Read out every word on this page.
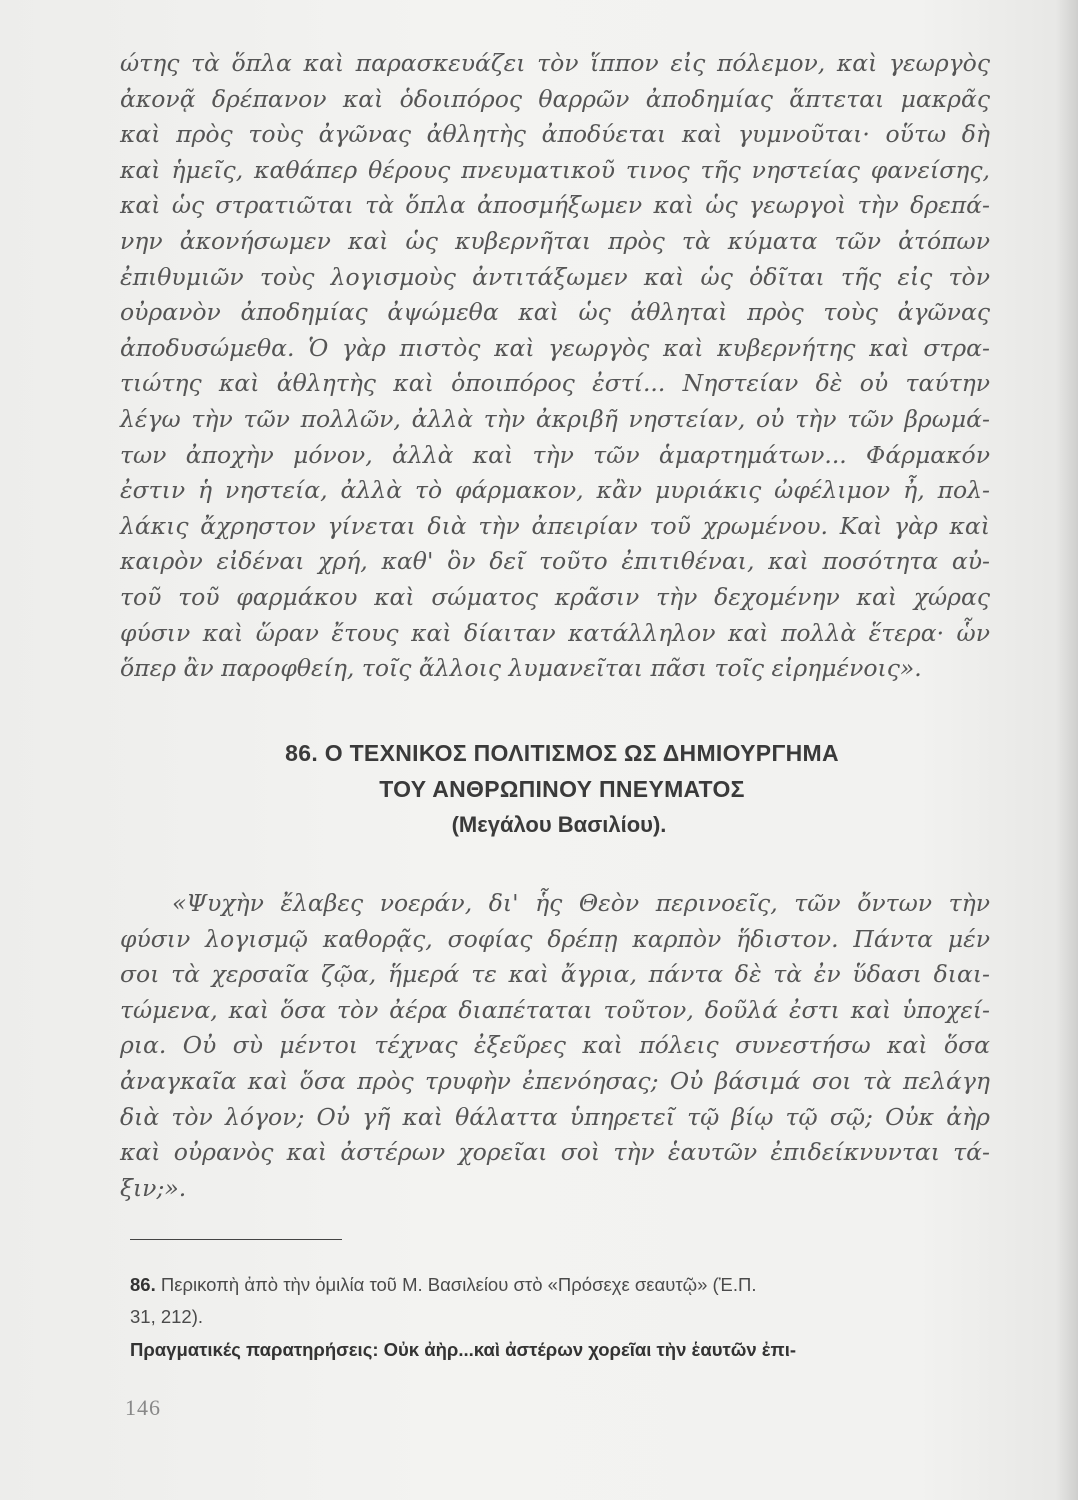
ώτης τὰ ὅπλα καὶ παρασκευάζει τὸν ἵππον εἰς πόλεμον, καὶ γεωργὸς
ἀκονᾷ δρέπανον καὶ ὁδοιπόρος θαρρῶν ἀποδημίας ἅπτεται μακρᾶς
καὶ πρὸς τοὺς ἀγῶνας ἀθλητὴς ἀποδύεται καὶ γυμνοῦται· οὕτω δὴ
καὶ ἡμεῖς, καθάπερ θέρους πνευματικοῦ τινος τῆς νηστείας φανείσης,
καὶ ὡς στρατιῶται τὰ ὅπλα ἀποσμήξωμεν καὶ ὡς γεωργοὶ τὴν δρεπά-
νην ἀκονήσωμεν καὶ ὡς κυβερνῆται πρὸς τὰ κύματα τῶν ἀτόπων
ἐπιθυμιῶν τοὺς λογισμοὺς ἀντιτάξωμεν καὶ ὡς ὁδῖται τῆς εἰς τὸν
οὐρανὸν ἀποδημίας ἀψώμεθα καὶ ὡς ἀθληταὶ πρὸς τοὺς ἀγῶνας
ἀποδυσώμεθα. Ὁ γὰρ πιστὸς καὶ γεωργὸς καὶ κυβερνήτης καὶ στρα-
τιώτης καὶ ἀθλητὴς καὶ ὁποιπόρος ἐστί... Νηστείαν δὲ οὐ ταύτην
λέγω τὴν τῶν πολλῶν, ἀλλὰ τὴν ἀκριβῆ νηστείαν, οὐ τὴν τῶν βρωμά-
των ἀποχὴν μόνον, ἀλλὰ καὶ τὴν τῶν ἁμαρτημάτων... Φάρμακόν
ἐστιν ἡ νηστεία, ἀλλὰ τὸ φάρμακον, κἂν μυριάκις ὠφέλιμον ἦ, πολ-
λάκις ἄχρηστον γίνεται διὰ τὴν ἀπειρίαν τοῦ χρωμένου. Καὶ γὰρ καὶ
καιρὸν εἰδέναι χρή, καθ' ὃν δεῖ τοῦτο ἐπιτιθέναι, καὶ ποσότητα αὐ-
τοῦ τοῦ φαρμάκου καὶ σώματος κρᾶσιν τὴν δεχομένην καὶ χώρας
φύσιν καὶ ὥραν ἔτους καὶ δίαιταν κατάλληλον καὶ πολλὰ ἕτερα· ὧν
ὅπερ ἂν παροφθείη, τοῖς ἄλλοις λυμανεῖται πᾶσι τοῖς εἰρημένοις».
86. Ο ΤΕΧΝΙΚΟΣ ΠΟΛΙΤΙΣΜΟΣ ΩΣ ΔΗΜΙΟΥΡΓΗΜΑ
ΤΟΥ ΑΝΘΡΩΠΙΝΟΥ ΠΝΕΥΜΑΤΟΣ
(Μεγάλου Βασιλίου).
«Ψυχὴν ἔλαβες νοεράν, δι' ἧς Θεὸν περινοεῖς, τῶν ὄντων τὴν
φύσιν λογισμῷ καθορᾷς, σοφίας δρέπῃ καρπὸν ἥδιστον. Πάντα μέν
σοι τὰ χερσαῖα ζῷα, ἥμερά τε καὶ ἄγρια, πάντα δὲ τὰ ἐν ὕδασι διαι-
τώμενα, καὶ ὅσα τὸν ἀέρα διαπέταται τοῦτον, δοῦλά ἐστι καὶ ὑποχεί-
ρια. Οὐ σὺ μέντοι τέχνας ἐξεῦρες καὶ πόλεις συνεστήσω καὶ ὅσα
ἀναγκαῖα καὶ ὅσα πρὸς τρυφὴν ἐπενόησας; Οὐ βάσιμά σοι τὰ πελάγη
διὰ τὸν λόγον; Οὐ γῆ καὶ θάλαττα ὑπηρετεῖ τῷ βίῳ τῷ σῷ; Οὐκ ἀὴρ
καὶ οὐρανὸς καὶ ἀστέρων χορεῖαι σοὶ τὴν ἑαυτῶν ἐπιδείκνυνται τά-
ξιν;».
86. Περικοπὴ ἀπὸ τὴν ὁμιλία τοῦ Μ. Βασιλείου στὸ «Πρόσεχε σεαυτῷ» (Ἐ.Π.
31, 212).
Πραγματικές παρατηρήσεις: Οὐκ ἀὴρ...καὶ ἀστέρων χορεῖαι τὴν ἑαυτῶν ἐπι-
146
